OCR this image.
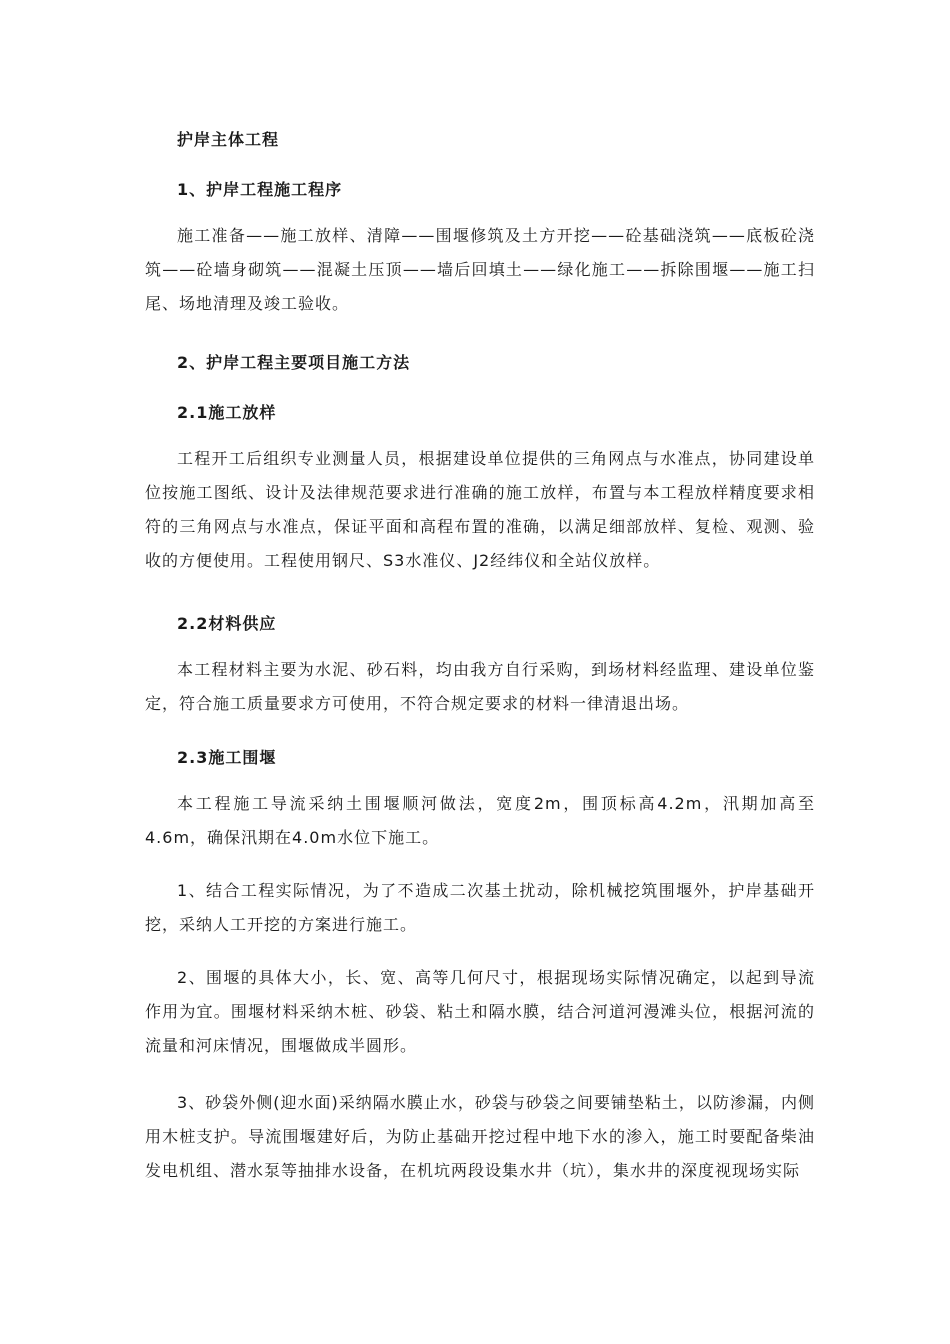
护岸主体工程
1、护岸工程施工程序
施工准备——施工放样、清障——围堰修筑及土方开挖——砼基础浇筑——底板砼浇筑——砼墙身砌筑——混凝土压顶——墙后回填土——绿化施工——拆除围堰——施工扫尾、场地清理及竣工验收。
2、护岸工程主要项目施工方法
2.1施工放样
工程开工后组织专业测量人员，根据建设单位提供的三角网点与水准点，协同建设单位按施工图纸、设计及法律规范要求进行准确的施工放样，布置与本工程放样精度要求相符的三角网点与水准点，保证平面和高程布置的准确，以满足细部放样、复检、观测、验收的方便使用。工程使用钢尺、S3水准仪、J2经纬仪和全站仪放样。
2.2材料供应
本工程材料主要为水泥、砂石料，均由我方自行采购，到场材料经监理、建设单位鉴定，符合施工质量要求方可使用，不符合规定要求的材料一律清退出场。
2.3施工围堰
本工程施工导流采纳土围堰顺河做法，宽度2m，围顶标高4.2m，汛期加高至4.6m，确保汛期在4.0m水位下施工。
1、结合工程实际情况，为了不造成二次基土扰动，除机械挖筑围堰外，护岸基础开挖，采纳人工开挖的方案进行施工。
2、围堰的具体大小，长、宽、高等几何尺寸，根据现场实际情况确定，以起到导流作用为宜。围堰材料采纳木桩、砂袋、粘土和隔水膜，结合河道河漫滩头位，根据河流的流量和河床情况，围堰做成半圆形。
3、砂袋外侧(迎水面)采纳隔水膜止水，砂袋与砂袋之间要铺垫粘土，以防渗漏，内侧用木桩支护。导流围堰建好后，为防止基础开挖过程中地下水的渗入，施工时要配备柴油发电机组、潜水泵等抽排水设备，在机坑两段设集水井（坑），集水井的深度视现场实际
